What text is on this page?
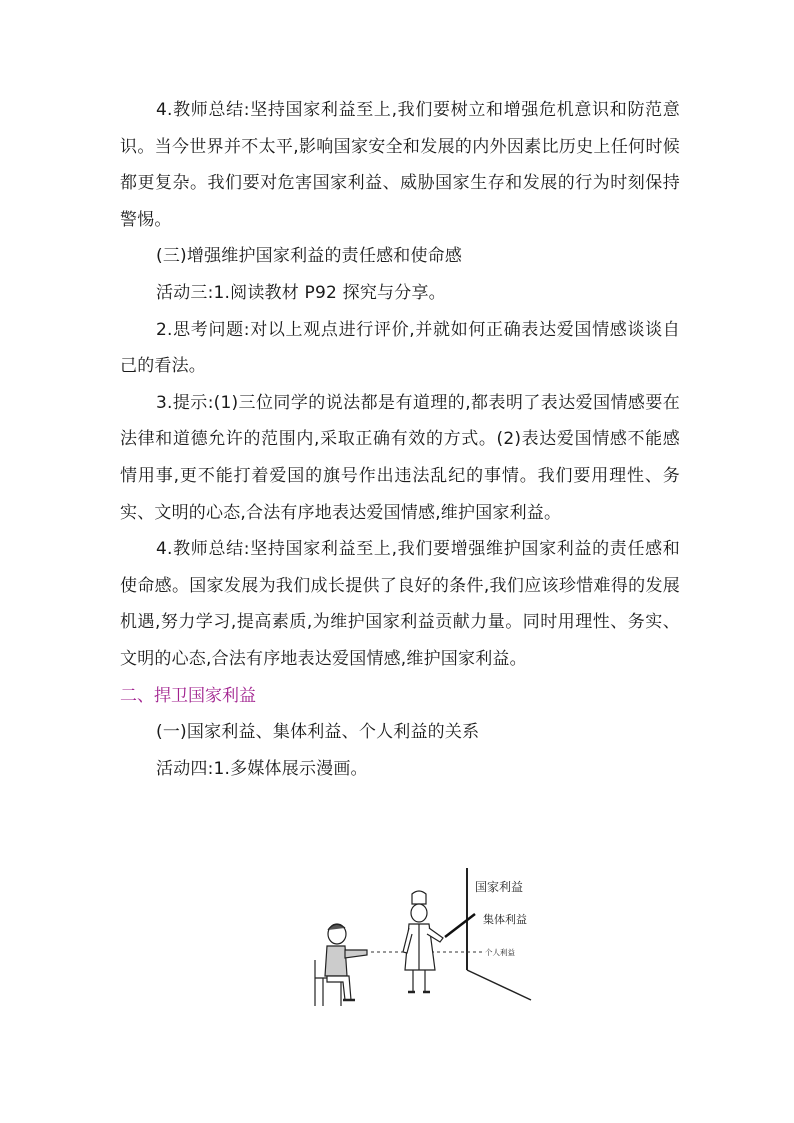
4.教师总结:坚持国家利益至上,我们要树立和增强危机意识和防范意识。当今世界并不太平,影响国家安全和发展的内外因素比历史上任何时候都更复杂。我们要对危害国家利益、威胁国家生存和发展的行为时刻保持警惕。

(三)增强维护国家利益的责任感和使命感

活动三:1.阅读教材 P92 探究与分享。

2.思考问题:对以上观点进行评价,并就如何正确表达爱国情感谈谈自己的看法。

3.提示:(1)三位同学的说法都是有道理的,都表明了表达爱国情感要在法律和道德允许的范围内,采取正确有效的方式。(2)表达爱国情感不能感情用事,更不能打着爱国的旗号作出违法乱纪的事情。我们要用理性、务实、文明的心态,合法有序地表达爱国情感,维护国家利益。

4.教师总结:坚持国家利益至上,我们要增强维护国家利益的责任感和使命感。国家发展为我们成长提供了良好的条件,我们应该珍惜难得的发展机遇,努力学习,提高素质,为维护国家利益贡献力量。同时用理性、务实、文明的心态,合法有序地表达爱国情感,维护国家利益。

二、捍卫国家利益

(一)国家利益、集体利益、个人利益的关系

活动四:1.多媒体展示漫画。

国家利益
集体利益
个人利益
